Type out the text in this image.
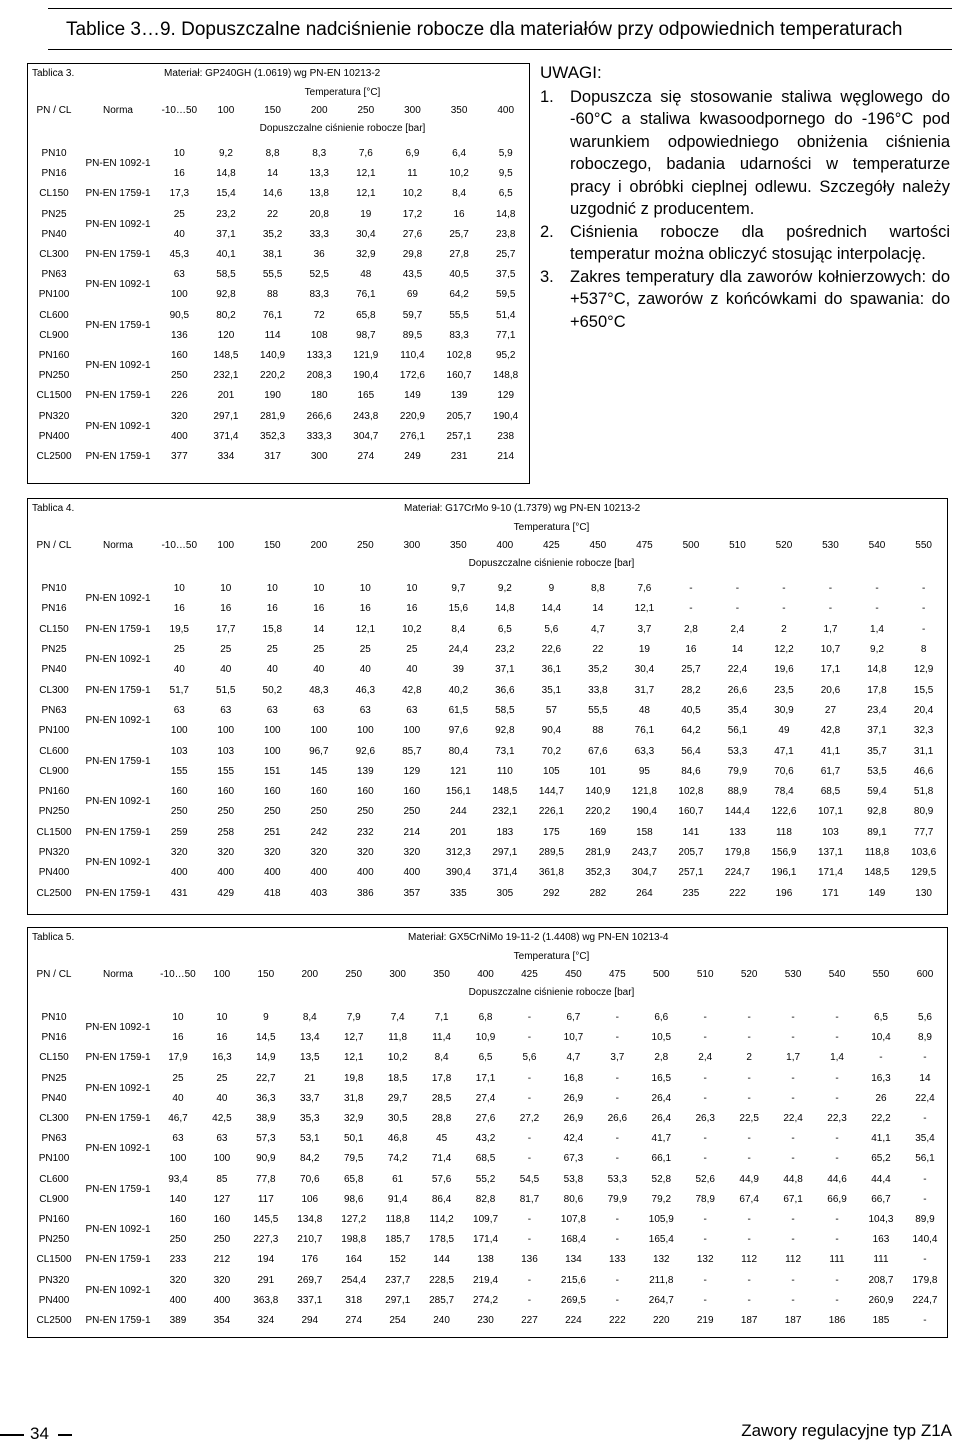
Tablice 3…9. Dopuszczalne nadciśnienie robocze dla materiałów przy odpowiednich temperaturach
Tablica 3.		Materiał: GP240GH (1.0619) wg PN-EN 10213-2							
		Temperatura [°C]							
PN / CL	Norma	-10…50	100	150	200	250	300	350	400
		Dopuszczalne ciśnienie robocze [bar]							

PN10	PN-EN 1092-1	10	9,2	8,8	8,3	7,6	6,9	6,4	5,9
PN16		16	14,8	14	13,3	12,1	11	10,2	9,5
CL150	PN-EN 1759-1	17,3	15,4	14,6	13,8	12,1	10,2	8,4	6,5
PN25	PN-EN 1092-1	25	23,2	22	20,8	19	17,2	16	14,8
PN40		40	37,1	35,2	33,3	30,4	27,6	25,7	23,8
CL300	PN-EN 1759-1	45,3	40,1	38,1	36	32,9	29,8	27,8	25,7
PN63	PN-EN 1092-1	63	58,5	55,5	52,5	48	43,5	40,5	37,5
PN100		100	92,8	88	83,3	76,1	69	64,2	59,5
CL600	PN-EN 1759-1	90,5	80,2	76,1	72	65,8	59,7	55,5	51,4
CL900		136	120	114	108	98,7	89,5	83,3	77,1
PN160	PN-EN 1092-1	160	148,5	140,9	133,3	121,9	110,4	102,8	95,2
PN250		250	232,1	220,2	208,3	190,4	172,6	160,7	148,8
CL1500	PN-EN 1759-1	226	201	190	180	165	149	139	129
PN320	PN-EN 1092-1	320	297,1	281,9	266,6	243,8	220,9	205,7	190,4
PN400		400	371,4	352,3	333,3	304,7	276,1	257,1	238
CL2500	PN-EN 1759-1	377	334	317	300	274	249	231	214
Tablica 4.		Materiał: G17CrMo 9-10 (1.7379) wg PN-EN 10213-2																
		Temperatura [°C]																
PN / CL	Norma	-10…50	100	150	200	250	300	350	400	425	450	475	500	510	520	530	540	550
		Dopuszczalne ciśnienie robocze [bar]																

PN10	PN-EN 1092-1	10	10	10	10	10	10	9,7	9,2	9	8,8	7,6	-	-	-	-	-	-
PN16		16	16	16	16	16	16	15,6	14,8	14,4	14	12,1	-	-	-	-	-	-
CL150	PN-EN 1759-1	19,5	17,7	15,8	14	12,1	10,2	8,4	6,5	5,6	4,7	3,7	2,8	2,4	2	1,7	1,4	-
PN25	PN-EN 1092-1	25	25	25	25	25	25	24,4	23,2	22,6	22	19	16	14	12,2	10,7	9,2	8
PN40		40	40	40	40	40	40	39	37,1	36,1	35,2	30,4	25,7	22,4	19,6	17,1	14,8	12,9
CL300	PN-EN 1759-1	51,7	51,5	50,2	48,3	46,3	42,8	40,2	36,6	35,1	33,8	31,7	28,2	26,6	23,5	20,6	17,8	15,5
PN63	PN-EN 1092-1	63	63	63	63	63	63	61,5	58,5	57	55,5	48	40,5	35,4	30,9	27	23,4	20,4
PN100		100	100	100	100	100	100	97,6	92,8	90,4	88	76,1	64,2	56,1	49	42,8	37,1	32,3
CL600	PN-EN 1759-1	103	103	100	96,7	92,6	85,7	80,4	73,1	70,2	67,6	63,3	56,4	53,3	47,1	41,1	35,7	31,1
CL900		155	155	151	145	139	129	121	110	105	101	95	84,6	79,9	70,6	61,7	53,5	46,6
PN160	PN-EN 1092-1	160	160	160	160	160	160	156,1	148,5	144,7	140,9	121,8	102,8	88,9	78,4	68,5	59,4	51,8
PN250		250	250	250	250	250	250	244	232,1	226,1	220,2	190,4	160,7	144,4	122,6	107,1	92,8	80,9
CL1500	PN-EN 1759-1	259	258	251	242	232	214	201	183	175	169	158	141	133	118	103	89,1	77,7
PN320	PN-EN 1092-1	320	320	320	320	320	320	312,3	297,1	289,5	281,9	243,7	205,7	179,8	156,9	137,1	118,8	103,6
PN400		400	400	400	400	400	400	390,4	371,4	361,8	352,3	304,7	257,1	224,7	196,1	171,4	148,5	129,5
CL2500	PN-EN 1759-1	431	429	418	403	386	357	335	305	292	282	264	235	222	196	171	149	130
Tablica 5.		Materiał: GX5CrNiMo 19-11-2 (1.4408) wg PN-EN 10213-4																	
		Temperatura [°C]																	
PN / CL	Norma	-10…50	100	150	200	250	300	350	400	425	450	475	500	510	520	530	540	550	600
		Dopuszczalne ciśnienie robocze [bar]																	

PN10	PN-EN 1092-1	10	10	9	8,4	7,9	7,4	7,1	6,8	-	6,7	-	6,6	-	-	-	-	6,5	5,6
PN16		16	16	14,5	13,4	12,7	11,8	11,4	10,9	-	10,7	-	10,5	-	-	-	-	10,4	8,9
CL150	PN-EN 1759-1	17,9	16,3	14,9	13,5	12,1	10,2	8,4	6,5	5,6	4,7	3,7	2,8	2,4	2	1,7	1,4	-	-
PN25	PN-EN 1092-1	25	25	22,7	21	19,8	18,5	17,8	17,1	-	16,8	-	16,5	-	-	-	-	16,3	14
PN40		40	40	36,3	33,7	31,8	29,7	28,5	27,4	-	26,9	-	26,4	-	-	-	-	26	22,4
CL300	PN-EN 1759-1	46,7	42,5	38,9	35,3	32,9	30,5	28,8	27,6	27,2	26,9	26,6	26,4	26,3	22,5	22,4	22,3	22,2	-
PN63	PN-EN 1092-1	63	63	57,3	53,1	50,1	46,8	45	43,2	-	42,4	-	41,7	-	-	-	-	41,1	35,4
PN100		100	100	90,9	84,2	79,5	74,2	71,4	68,5	-	67,3	-	66,1	-	-	-	-	65,2	56,1
CL600	PN-EN 1759-1	93,4	85	77,8	70,6	65,8	61	57,6	55,2	54,5	53,8	53,3	52,8	52,6	44,9	44,8	44,6	44,4	-
CL900		140	127	117	106	98,6	91,4	86,4	82,8	81,7	80,6	79,9	79,2	78,9	67,4	67,1	66,9	66,7	-
PN160	PN-EN 1092-1	160	160	145,5	134,8	127,2	118,8	114,2	109,7	-	107,8	-	105,9	-	-	-	-	104,3	89,9
PN250		250	250	227,3	210,7	198,8	185,7	178,5	171,4	-	168,4	-	165,4	-	-	-	-	163	140,4
CL1500	PN-EN 1759-1	233	212	194	176	164	152	144	138	136	134	133	132	132	112	112	111	111	-
PN320	PN-EN 1092-1	320	320	291	269,7	254,4	237,7	228,5	219,4	-	215,6	-	211,8	-	-	-	-	208,7	179,8
PN400		400	400	363,8	337,1	318	297,1	285,7	274,2	-	269,5	-	264,7	-	-	-	-	260,9	224,7
CL2500	PN-EN 1759-1	389	354	324	294	274	254	240	230	227	224	222	220	219	187	187	186	185	-
UWAGI:
1. Dopuszcza się stosowanie staliwa węglowego do -60°C a staliwa kwasoodpornego do -196°C pod warunkiem odpowiedniego obniżenia ciśnienia roboczego, badania udarności w temperaturze pracy i obróbki cieplnej odlewu. Szczegóły należy uzgodnić z producentem.
2. Ciśnienia robocze dla pośrednich wartości temperatur można obliczyć stosując interpolację.
3. Zakres temperatury dla zaworów kołnierzowych: do +537°C, zaworów z końcówkami do spawania: do +650°C
34	Zawory regulacyjne typ Z1A
